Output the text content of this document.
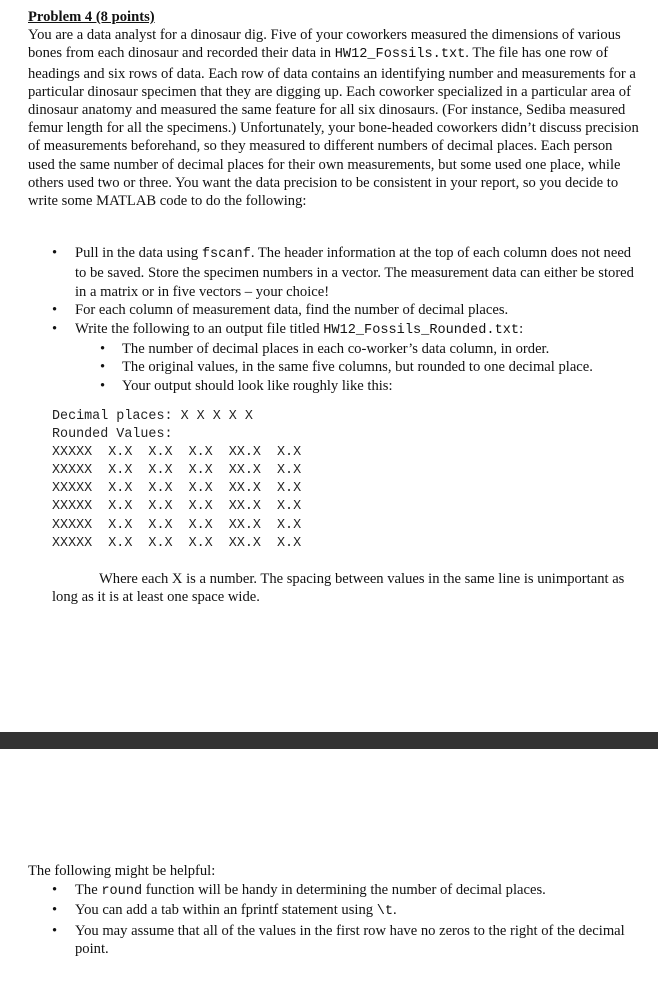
Problem 4 (8 points)

You are a data analyst for a dinosaur dig. Five of your coworkers measured the dimensions of various bones from each dinosaur and recorded their data in HW12_Fossils.txt. The file has one row of headings and six rows of data. Each row of data contains an identifying number and measurements for a particular dinosaur specimen that they are digging up. Each coworker specialized in a particular area of dinosaur anatomy and measured the same feature for all six dinosaurs. (For instance, Sediba measured femur length for all the specimens.) Unfortunately, your bone-headed coworkers didn’t discuss precision of measurements beforehand, so they measured to different numbers of decimal places. Each person used the same number of decimal places for their own measurements, but some used one place, while others used two or three. You want the data precision to be consistent in your report, so you decide to write some MATLAB code to do the following:

• Pull in the data using fscanf. The header information at the top of each column does not need to be saved. Store the specimen numbers in a vector. The measurement data can either be stored in a matrix or in five vectors – your choice!
• For each column of measurement data, find the number of decimal places.
• Write the following to an output file titled HW12_Fossils_Rounded.txt:
• The number of decimal places in each co-worker’s data column, in order.
• The original values, in the same five columns, but rounded to one decimal place.
• Your output should look like roughly like this:
Decimal places: X X X X X
Rounded Values:
XXXXX  X.X  X.X  X.X  XX.X  X.X
XXXXX  X.X  X.X  X.X  XX.X  X.X
XXXXX  X.X  X.X  X.X  XX.X  X.X
XXXXX  X.X  X.X  X.X  XX.X  X.X
XXXXX  X.X  X.X  X.X  XX.X  X.X
XXXXX  X.X  X.X  X.X  XX.X  X.X
Where each X is a number. The spacing between values in the same line is unimportant as long as it is at least one space wide.
The following might be helpful:
• The round function will be handy in determining the number of decimal places.
• You can add a tab within an fprintf statement using \t.
• You may assume that all of the values in the first row have no zeros to the right of the decimal point.
